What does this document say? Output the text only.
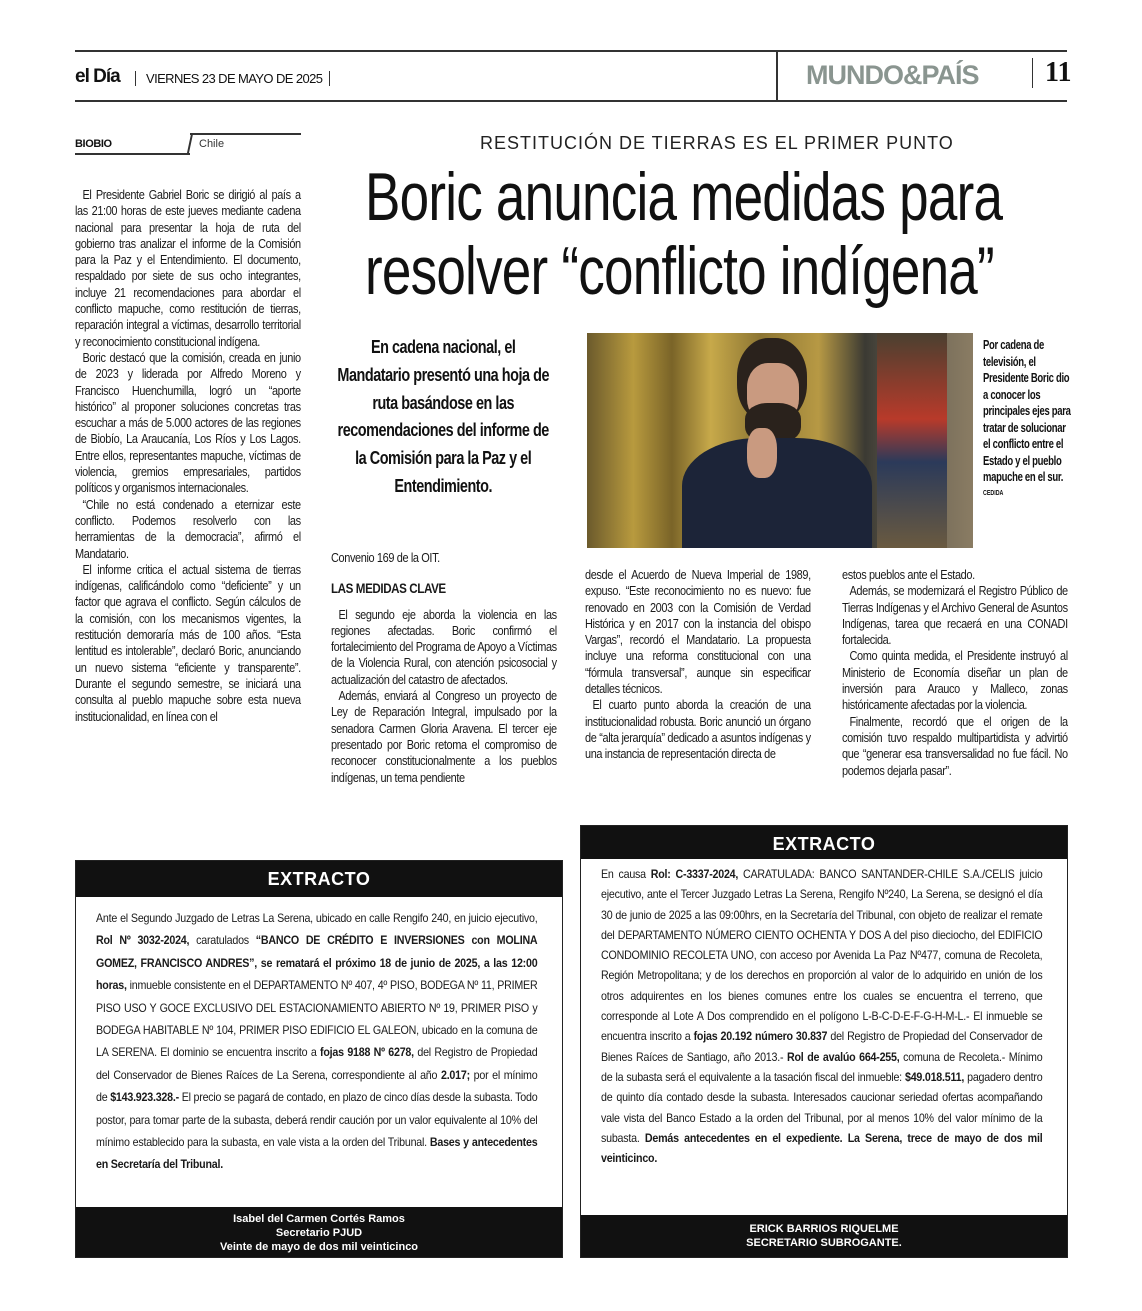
el Día	VIERNES 23 DE MAYO DE 2025	MUNDO&PAÍS	11
BIOBIO	Chile	RESTITUCIÓN DE TIERRAS ES EL PRIMER PUNTO
Boric anuncia medidas para
resolver “conflicto indígena”
En cadena nacional, el Mandatario presentó una hoja de ruta basándose en las recomendaciones del informe de la Comisión para la Paz y el Entendimiento.
Por cadena de televisión, el Presidente Boric dio a conocer los principales ejes para tratar de solucionar el conflicto entre el Estado y el pueblo mapuche en el sur.
CEDIDA

El Presidente Gabriel Boric se dirigió al país a las 21:00 horas de este jueves mediante cadena nacional para presentar la hoja de ruta del gobierno tras analizar el informe de la Comisión para la Paz y el Entendimiento. El documento, respaldado por siete de sus ocho integrantes, incluye 21 recomendaciones para abordar el conflicto mapuche, como restitución de tierras, reparación integral a víctimas, desarrollo territorial y reconocimiento constitucional indígena.

Boric destacó que la comisión, creada en junio de 2023 y liderada por Alfredo Moreno y Francisco Huenchumilla, logró un “aporte histórico” al proponer soluciones concretas tras escuchar a más de 5.000 actores de las regiones de Biobío, La Araucanía, Los Ríos y Los Lagos. Entre ellos, representantes mapuche, víctimas de violencia, gremios empresariales, partidos políticos y organismos internacionales.

“Chile no está condenado a eternizar este conflicto. Podemos resolverlo con las herramientas de la democracia”, afirmó el Mandatario.

El informe critica el actual sistema de tierras indígenas, calificándolo como “deficiente” y un factor que agrava el conflicto. Según cálculos de la comisión, con los mecanismos vigentes, la restitución demoraría más de 100 años. “Esta lentitud es intolerable”, declaró Boric, anunciando un nuevo sistema “eficiente y transparente”. Durante el segundo semestre, se iniciará una consulta al pueblo mapuche sobre esta nueva institucionalidad, en línea con el

Convenio 169 de la OIT.

LAS MEDIDAS CLAVE

El segundo eje aborda la violencia en las regiones afectadas. Boric confirmó el fortalecimiento del Programa de Apoyo a Víctimas de la Violencia Rural, con atención psicosocial y actualización del catastro de afectados.

Además, enviará al Congreso un proyecto de Ley de Reparación Integral, impulsado por la senadora Carmen Gloria Aravena. El tercer eje presentado por Boric retoma el compromiso de reconocer constitucionalmente a los pueblos indígenas, un tema pendiente

desde el Acuerdo de Nueva Imperial de 1989, expuso. “Este reconocimiento no es nuevo: fue renovado en 2003 con la Comisión de Verdad Histórica y en 2017 con la instancia del obispo Vargas”, recordó el Mandatario. La propuesta incluye una reforma constitucional con una “fórmula transversal”, aunque sin especificar detalles técnicos.

El cuarto punto aborda la creación de una institucionalidad robusta. Boric anunció un órgano de “alta jerarquía” dedicado a asuntos indígenas y una instancia de representación directa de

estos pueblos ante el Estado.

Además, se modernizará el Registro Público de Tierras Indígenas y el Archivo General de Asuntos Indígenas, tarea que recaerá en una CONADI fortalecida.

Como quinta medida, el Presidente instruyó al Ministerio de Economía diseñar un plan de inversión para Arauco y Malleco, zonas históricamente afectadas por la violencia.

Finalmente, recordó que el origen de la comisión tuvo respaldo multipartidista y advirtió que “generar esa transversalidad no fue fácil. No podemos dejarla pasar”.

EXTRACTO
Ante el Segundo Juzgado de Letras La Serena, ubicado en calle Rengifo 240, en juicio ejecutivo, Rol Nº 3032-2024, caratulados “BANCO DE CRÉDITO E INVERSIONES con MOLINA GOMEZ, FRANCISCO ANDRES”, se rematará el próximo 18 de junio de 2025, a las 12:00 horas, inmueble consistente en el DEPARTAMENTO Nº 407, 4º PISO, BODEGA Nº 11, PRIMER PISO USO Y GOCE EXCLUSIVO DEL ESTACIONAMIENTO ABIERTO Nº 19, PRIMER PISO y BODEGA HABITABLE Nº 104, PRIMER PISO EDIFICIO EL GALEON, ubicado en la comuna de LA SERENA. El dominio se encuentra inscrito a fojas 9188 Nº 6278, del Registro de Propiedad del Conservador de Bienes Raíces de La Serena, correspondiente al año 2.017; por el mínimo de $143.923.328.- El precio se pagará de contado, en plazo de cinco días desde la subasta. Todo postor, para tomar parte de la subasta, deberá rendir caución por un valor equivalente al 10% del mínimo establecido para la subasta, en vale vista a la orden del Tribunal. Bases y antecedentes en Secretaría del Tribunal.
Isabel del Carmen Cortés Ramos
Secretario PJUD
Veinte de mayo de dos mil veinticinco
EXTRACTO
En causa Rol: C-3337-2024, CARATULADA: BANCO SANTANDER-CHILE S.A./CELIS juicio ejecutivo, ante el Tercer Juzgado Letras La Serena, Rengifo Nº240, La Serena, se designó el día 30 de junio de 2025 a las 09:00hrs, en la Secretaría del Tribunal, con objeto de realizar el remate del DEPARTAMENTO NÚMERO CIENTO OCHENTA Y DOS A del piso dieciocho, del EDIFICIO CONDOMINIO RECOLETA UNO, con acceso por Avenida La Paz Nº477, comuna de Recoleta, Región Metropolitana; y de los derechos en proporción al valor de lo adquirido en unión de los otros adquirentes en los bienes comunes entre los cuales se encuentra el terreno, que corresponde al Lote A Dos comprendido en el polígono L-B-C-D-E-F-G-H-M-L.- El inmueble se encuentra inscrito a fojas 20.192 número 30.837 del Registro de Propiedad del Conservador de Bienes Raíces de Santiago, año 2013.- Rol de avalúo 664-255, comuna de Recoleta.- Mínimo de la subasta será el equivalente a la tasación fiscal del inmueble: $49.018.511, pagadero dentro de quinto día contado desde la subasta. Interesados caucionar seriedad ofertas acompañando vale vista del Banco Estado a la orden del Tribunal, por al menos 10% del valor mínimo de la subasta. Demás antecedentes en el expediente. La Serena, trece de mayo de dos mil veinticinco.
ERICK BARRIOS RIQUELME
SECRETARIO SUBROGANTE.
